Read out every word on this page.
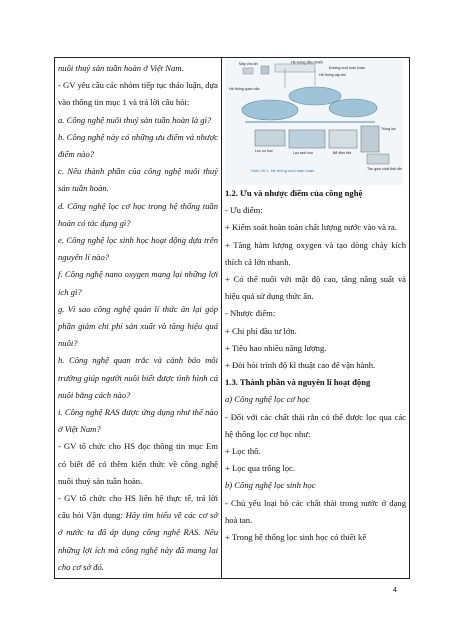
nuôi thuỷ sản tuần hoàn ở Việt Nam.

- GV yêu cầu các nhóm tiếp tục thảo luận, dựa vào thông tin mục 1 và trả lời câu hỏi:

a. Công nghệ nuôi thuỷ sản tuần hoàn là gì?

b. Công nghệ này có những ưu điểm và nhược điểm nào?

c. Nêu thành phần của công nghệ nuôi thuỷ sản tuần hoàn.

d. Công nghệ lọc cơ học trong hệ thống tuần hoàn có tác dụng gì?

e. Công nghệ lọc sinh học hoạt động dựa trên nguyên lí nào?

f. Công nghệ nano oxygen mang lại những lợi ích gì?

g. Vì sao công nghệ quản lí thức ăn lại góp phần giảm chi phí sản xuất và tăng hiệu quả nuôi?

h. Công nghệ quan trắc và cảnh báo môi trường giúp người nuôi biết được tình hình cá nuôi bằng cách nào?

i. Công nghệ RAS được ứng dụng như thế nào ở Việt Nam?

- GV tổ chức cho HS đọc thông tin mục Em có biết để có thêm kiến thức về công nghệ nuôi thuỷ sản tuần hoàn.

- GV tổ chức cho HS liên hệ thực tế, trả lời câu hỏi Vận dụng: Hãy tìm hiểu về các cơ sở ở nước ta đã áp dụng công nghệ RAS. Nêu những lợi ích mà công nghệ này đã mang lại cho cơ sở đó.

Máy cho ăn	Hệ thống điều khiển
Đường nuôi tuần hoàn
Hệ thống quan trắc
Hệ thống cấp khí
Trống lọc
Lọc cơ học	Lọc sinh học	Bể điều tiết
Thu gom chất thải rắn
Hình 20.1. Hệ thống nuôi tuần hoàn

1.2. Ưu và nhược điểm của công nghệ

- Ưu điểm:

+ Kiểm soát hoàn toàn chất lượng nước vào và ra.

+ Tăng hàm lượng oxygen và tạo dòng chảy kích thích cá lớn nhanh.

+ Có thể nuôi với mật độ cao, tăng năng suất và hiệu quả sử dụng thức ăn.

- Nhược điểm:

+ Chi phí đầu tư lớn.

+ Tiêu hao nhiều năng lượng.

+ Đòi hỏi trình độ kĩ thuật cao để vận hành.

1.3. Thành phần và nguyên lí hoạt động

a) Công nghệ lọc cơ học

- Đối với các chất thải rắn có thể được lọc qua các hệ thống lọc cơ học như:

+ Lọc thô.

+ Lọc qua trống lọc.

b) Công nghệ lọc sinh học

- Chủ yếu loại bỏ các chất thải trong nước ở dạng hoà tan.

+ Trong hệ thống lọc sinh học có thiết kế

4
